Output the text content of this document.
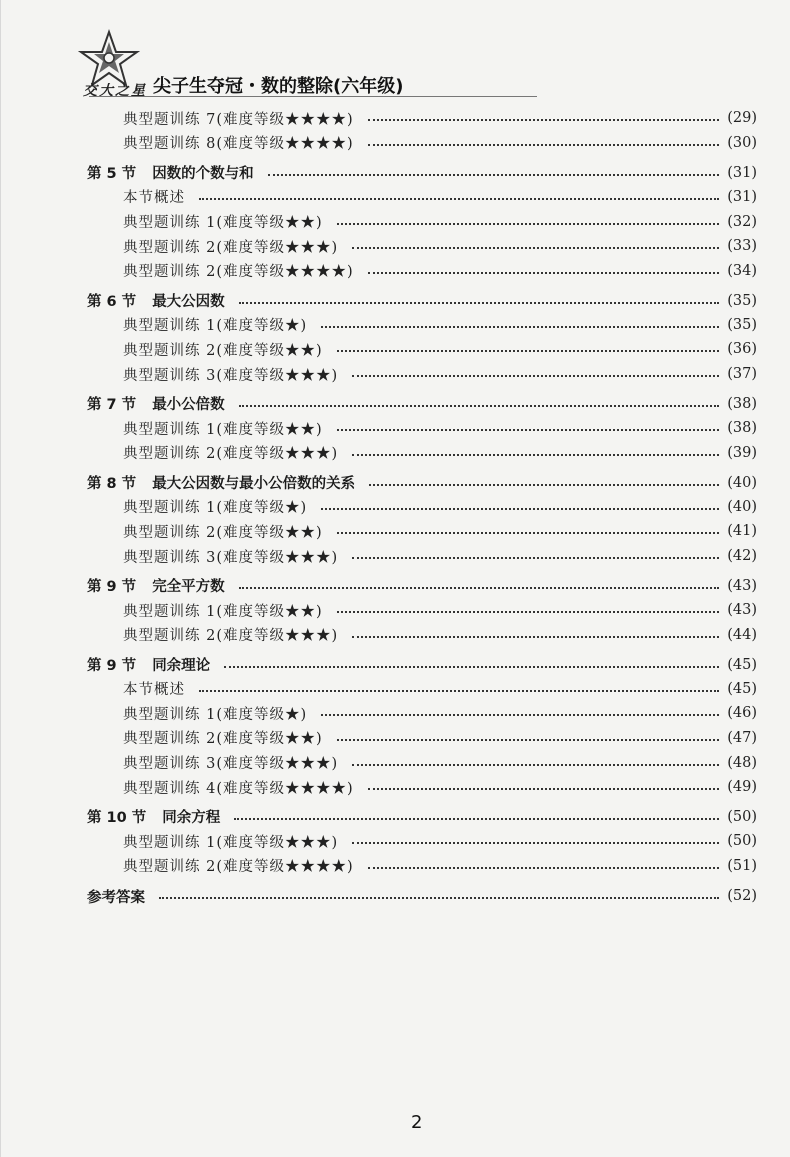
交大之星 尖子生夺冠・数的整除(六年级)
典型题训练 7(难度等级★★★★)	(29)
典型题训练 8(难度等级★★★★)	(30)
第 5 节 因数的个数与和	(31)
本节概述	(31)
典型题训练 1(难度等级★★)	(32)
典型题训练 2(难度等级★★★)	(33)
典型题训练 2(难度等级★★★★)	(34)
第 6 节 最大公因数	(35)
典型题训练 1(难度等级★)	(35)
典型题训练 2(难度等级★★)	(36)
典型题训练 3(难度等级★★★)	(37)
第 7 节 最小公倍数	(38)
典型题训练 1(难度等级★★)	(38)
典型题训练 2(难度等级★★★)	(39)
第 8 节 最大公因数与最小公倍数的关系	(40)
典型题训练 1(难度等级★)	(40)
典型题训练 2(难度等级★★)	(41)
典型题训练 3(难度等级★★★)	(42)
第 9 节 完全平方数	(43)
典型题训练 1(难度等级★★)	(43)
典型题训练 2(难度等级★★★)	(44)
第 9 节 同余理论	(45)
本节概述	(45)
典型题训练 1(难度等级★)	(46)
典型题训练 2(难度等级★★)	(47)
典型题训练 3(难度等级★★★)	(48)
典型题训练 4(难度等级★★★★)	(49)
第 10 节 同余方程	(50)
典型题训练 1(难度等级★★★)	(50)
典型题训练 2(难度等级★★★★)	(51)
参考答案	(52)
2
